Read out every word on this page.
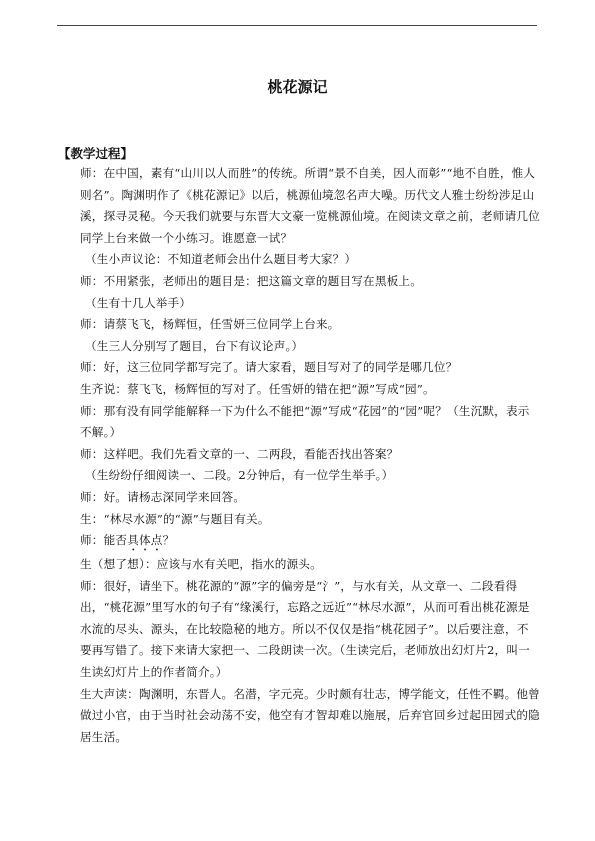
桃花源记
【教学过程】

师：在中国，素有“山川以人而胜”的传统。所谓“景不自美，因人而彰”“地不自胜，惟人则名”。陶渊明作了《桃花源记》以后，桃源仙境忽名声大噪。历代文人雅士纷纷涉足山溪，探寻灵秘。今天我们就要与东晋大文豪一览桃源仙境。在阅读文章之前，老师请几位同学上台来做一个小练习。谁愿意一试？

（生小声议论：不知道老师会出什么题目考大家？）

师：不用紧张，老师出的题目是：把这篇文章的题目写在黑板上。

（生有十几人举手）

师：请蔡飞飞，杨辉恒，任雪妍三位同学上台来。

（生三人分别写了题目，台下有议论声。）

师：好，这三位同学都写完了。请大家看，题目写对了的同学是哪几位？

生齐说：蔡飞飞，杨辉恒的写对了。任雪妍的错在把“源”写成“园”。

师：那有没有同学能解释一下为什么不能把“源”写成“花园”的“园”呢？（生沉默，表示不解。）

师：这样吧。我们先看文章的一、二两段，看能否找出答案？

（生纷纷仔细阅读一、二段。2分钟后，有一位学生举手。）

师：好。请杨志深同学来回答。

生：“林尽水源”的“源”与题目有关。

师：能否具体点？

生（想了想）：应该与水有关吧，指水的源头。

师：很好，请坐下。桃花源的“源”字的偏旁是“氵”，与水有关，从文章一、二段看得出，“桃花源”里写水的句子有“缘溪行，忘路之远近”“林尽水源”，从而可看出桃花源是水流的尽头、源头，在比较隐秘的地方。所以不仅仅是指“桃花园子”。以后要注意，不要再写错了。接下来请大家把一、二段朗读一次。（生读完后，老师放出幻灯片2，叫一生读幻灯片上的作者简介。）

生大声读：陶渊明，东晋人。名潜，字元亮。少时颇有壮志，博学能文，任性不羁。他曾做过小官，由于当时社会动荡不安，他空有才智却难以施展，后弃官回乡过起田园式的隐居生活。
